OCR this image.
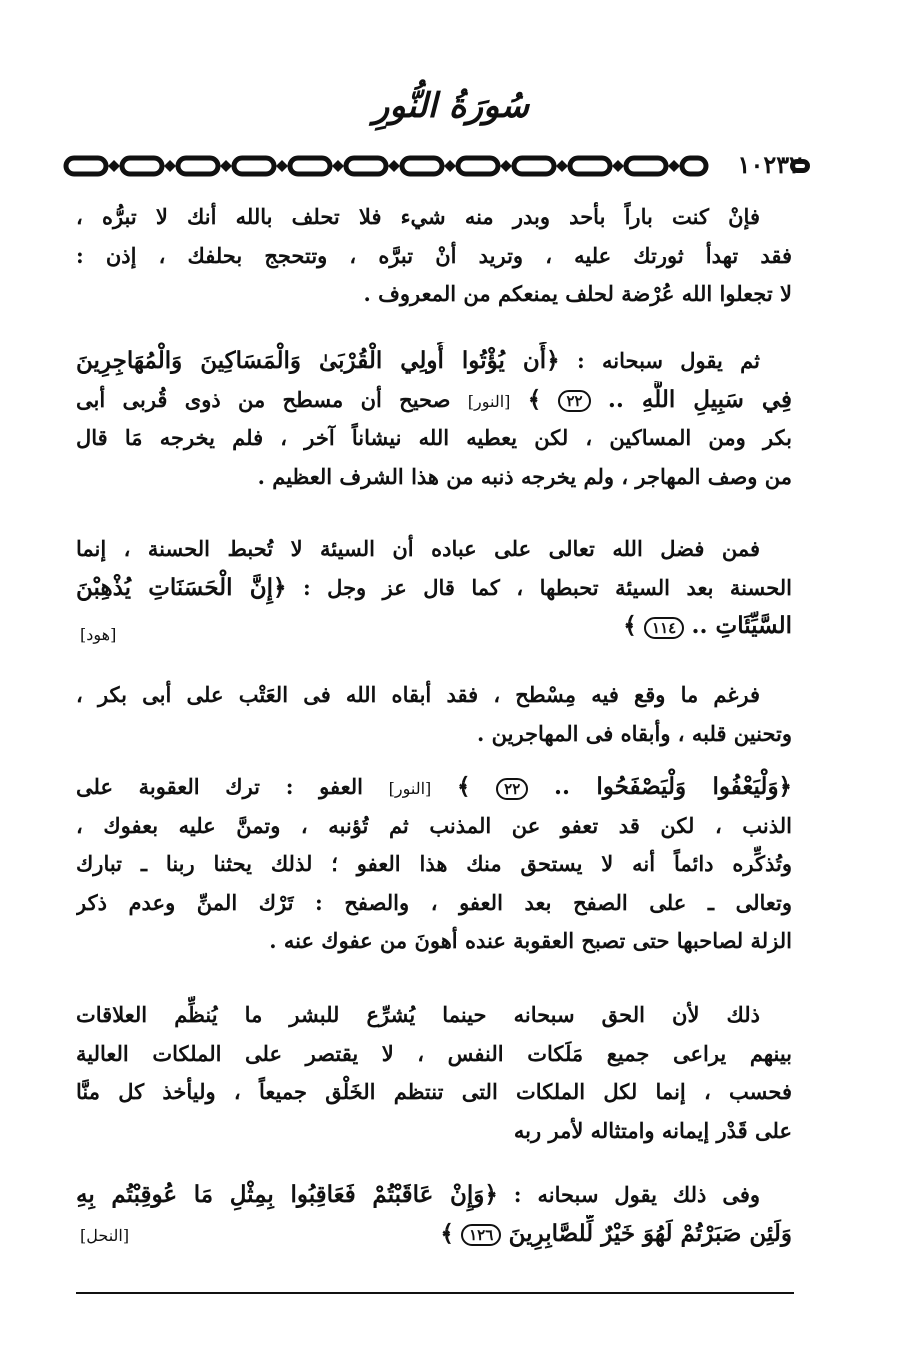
سُورَةُ النُّورِ
١٠٢٣٢
فإنْ كنت باراً بأحد وبدر منه شيء فلا تحلف بالله أنك لا تبرُّه ،
فقد تهدأ ثورتك عليه ، وتريد أنْ تبرَّه ، وتتحجج بحلفك ، إذن :
لا تجعلوا الله عُرْضة لحلف يمنعكم من المعروف .
ثم يقول سبحانه : ﴿أَن يُؤْتُوا أُولِي الْقُرْبَىٰ وَالْمَسَاكِينَ وَالْمُهَاجِرِينَ
فِي سَبِيلِ اللَّهِ .. ٢٢ ﴾ [النور] صحيح أن مسطح من ذوى قُربى أبى
بكر ومن المساكين ، لكن يعطيه الله نيشاناً آخر ، فلم يخرجه مَا قال
من وصف المهاجر ، ولم يخرجه ذنبه من هذا الشرف العظيم .
فمن فضل الله تعالى على عباده أن السيئة لا تُحبط الحسنة ، إنما
الحسنة بعد السيئة تحبطها ، كما قال عز وجل : ﴿إِنَّ الْحَسَنَاتِ يُذْهِبْنَ
السَّيِّئَاتِ .. ١١٤ ﴾
[هود]
فرغم ما وقع فيه مِسْطح ، فقد أبقاه الله فى العَتْب على أبى بكر ،
وتحنين قلبه ، وأبقاه فى المهاجرين .
﴿وَلْيَعْفُوا وَلْيَصْفَحُوا .. ٢٢ ﴾ [النور] العفو : ترك العقوبة على
الذنب ، لكن قد تعفو عن المذنب ثم تُؤنبه ، وتمنَّ عليه بعفوك ،
وتُذكِّره دائماً أنه لا يستحق منك هذا العفو ؛ لذلك يحثنا ربنا ـ تبارك
وتعالى ـ على الصفح بعد العفو ، والصفح : تَرْك المنِّ وعدم ذكر
الزلة لصاحبها حتى تصبح العقوبة عنده أهونَ من عفوك عنه .
ذلك لأن الحق سبحانه حينما يُشرِّع للبشر ما يُنظِّم العلاقات
بينهم يراعى جميع مَلَكات النفس ، لا يقتصر على الملكات العالية
فحسب ، إنما لكل الملكات التى تنتظم الخَلْق جميعاً ، وليأخذ كل منَّا
على قَدْر إيمانه وامتثاله لأمر ربه
وفى ذلك يقول سبحانه : ﴿وَإِنْ عَاقَبْتُمْ فَعَاقِبُوا بِمِثْلِ مَا عُوقِبْتُم بِهِ
وَلَئِن صَبَرْتُمْ لَهُوَ خَيْرٌ لِّلصَّابِرِينَ ١٢٦ ﴾
[النحل]
